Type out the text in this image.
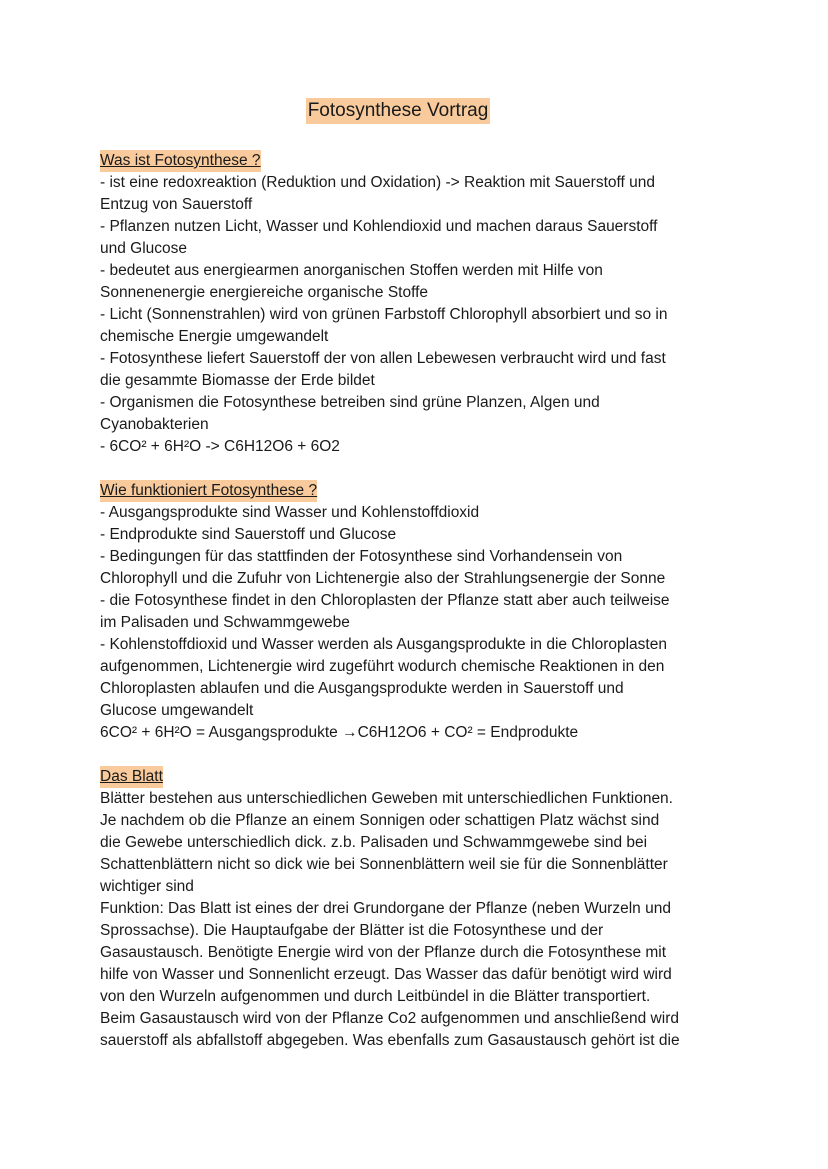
Fotosynthese Vortrag
Was ist Fotosynthese ?
- ist eine redoxreaktion (Reduktion und Oxidation) -> Reaktion mit Sauerstoff und
Entzug von Sauerstoff
- Pflanzen nutzen Licht, Wasser und Kohlendioxid und machen daraus Sauerstoff
und Glucose
- bedeutet aus energiearmen anorganischen Stoffen werden mit Hilfe von
Sonnenenergie energiereiche organische Stoffe
- Licht (Sonnenstrahlen) wird von grünen Farbstoff Chlorophyll absorbiert und so in
chemische Energie umgewandelt
- Fotosynthese liefert Sauerstoff der von allen Lebewesen verbraucht wird und fast
die gesammte Biomasse der Erde bildet
- Organismen die Fotosynthese betreiben sind grüne Planzen, Algen und
Cyanobakterien
- 6CO² + 6H²O -> C6H12O6 + 6O2
Wie funktioniert Fotosynthese ?
- Ausgangsprodukte sind Wasser und Kohlenstoffdioxid
- Endprodukte sind Sauerstoff und Glucose
- Bedingungen für das stattfinden der Fotosynthese sind Vorhandensein von
Chlorophyll und die Zufuhr von Lichtenergie also der Strahlungsenergie der Sonne
- die Fotosynthese findet in den Chloroplasten der Pflanze statt aber auch teilweise
im Palisaden und Schwammgewebe
- Kohlenstoffdioxid und Wasser werden als Ausgangsprodukte in die Chloroplasten
aufgenommen, Lichtenergie wird zugeführt wodurch chemische Reaktionen in den
Chloroplasten ablaufen und die Ausgangsprodukte werden in Sauerstoff und
Glucose umgewandelt
6CO² + 6H²O = Ausgangsprodukte →C6H12O6 + CO² = Endprodukte
Das Blatt
Blätter bestehen aus unterschiedlichen Geweben mit unterschiedlichen Funktionen.
Je nachdem ob die Pflanze an einem Sonnigen oder schattigen Platz wächst sind
die Gewebe unterschiedlich dick. z.b. Palisaden und Schwammgewebe sind bei
Schattenblättern nicht so dick wie bei Sonnenblättern weil sie für die Sonnenblätter
wichtiger sind
Funktion: Das Blatt ist eines der drei Grundorgane der Pflanze (neben Wurzeln und
Sprossachse). Die Hauptaufgabe der Blätter ist die Fotosynthese und der
Gasaustausch. Benötigte Energie wird von der Pflanze durch die Fotosynthese mit
hilfe von Wasser und Sonnenlicht erzeugt. Das Wasser das dafür benötigt wird wird
von den Wurzeln aufgenommen und durch Leitbündel in die Blätter transportiert.
Beim Gasaustausch wird von der Pflanze Co2 aufgenommen und anschließend wird
sauerstoff als abfallstoff abgegeben. Was ebenfalls zum Gasaustausch gehört ist die
